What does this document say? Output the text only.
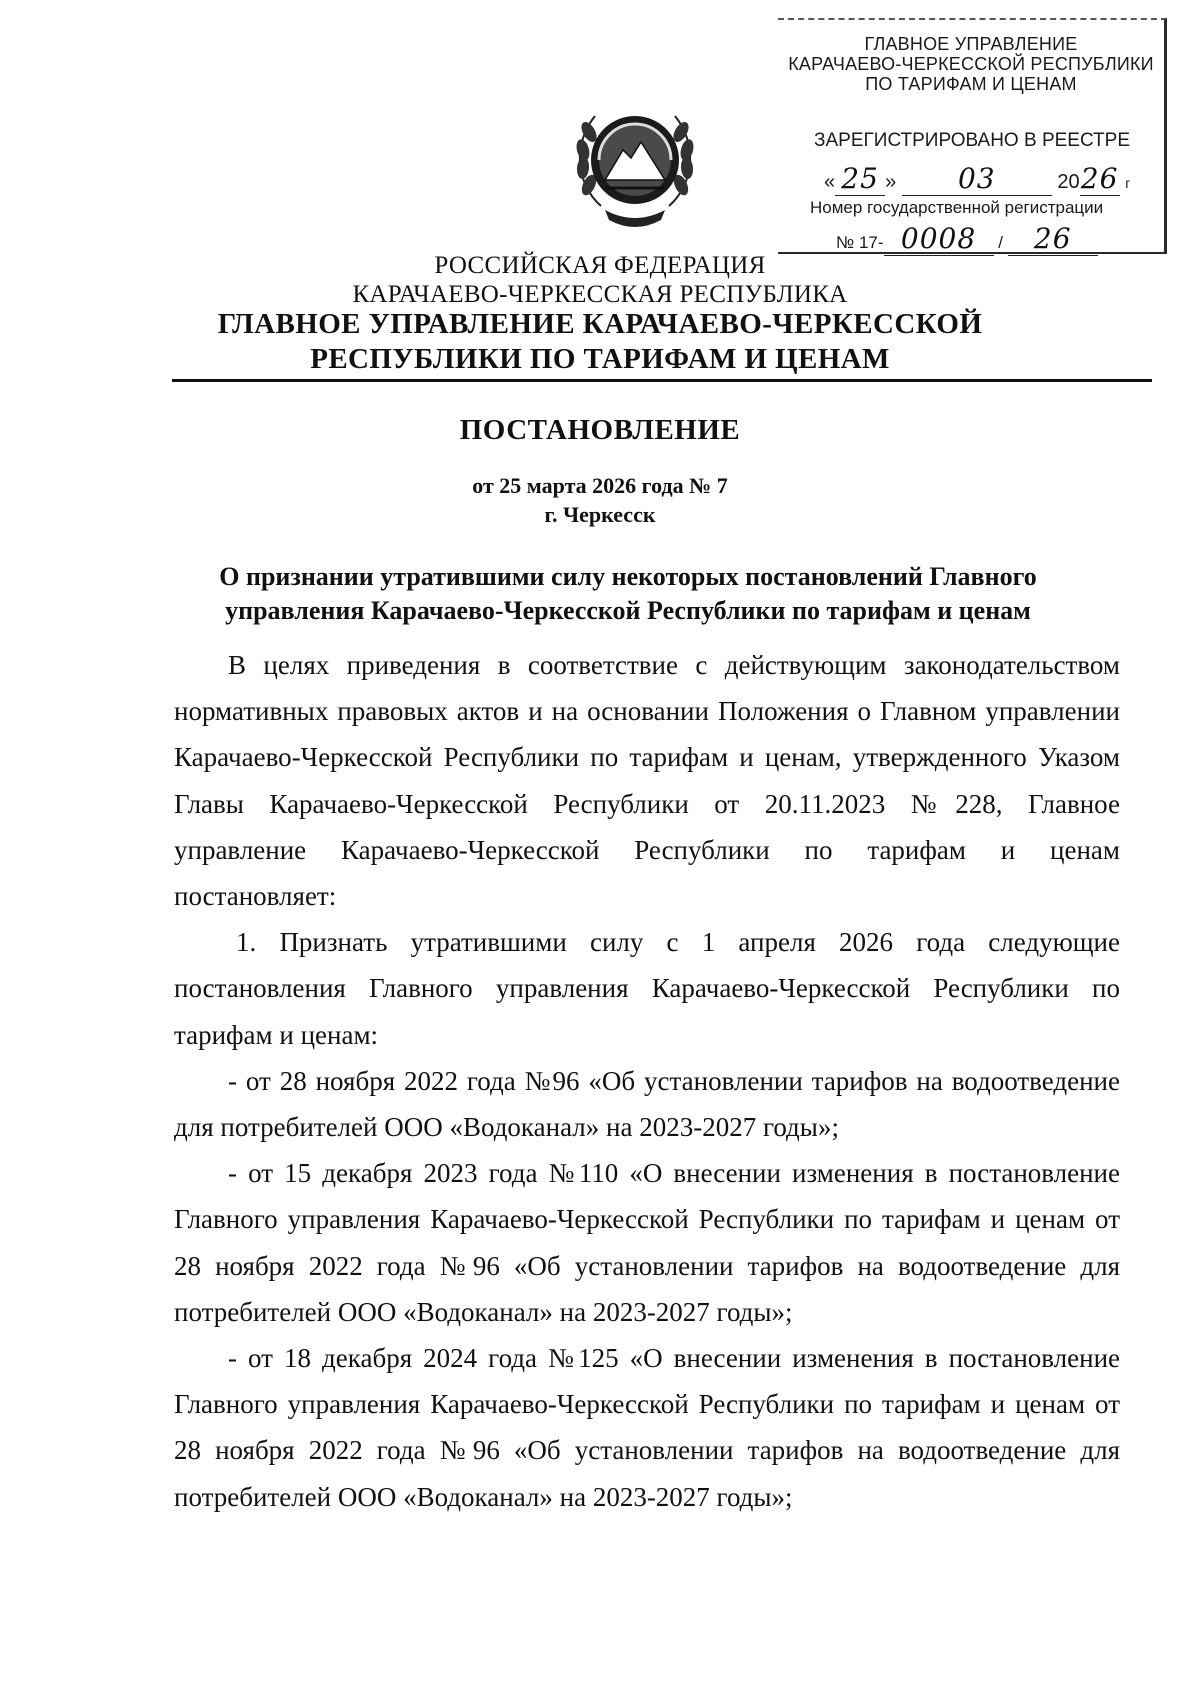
ГЛАВНОЕ УПРАВЛЕНИЕ
КАРАЧАЕВО-ЧЕРКЕССКОЙ РЕСПУБЛИКИ
ПО ТАРИФАМ И ЦЕНАМ
ЗАРЕГИСТРИРОВАНО В РЕЕСТРЕ
« 25 » 03	2026 г
Номер государственной регистрации
№ 17- 0008 / 26
РОССИЙСКАЯ ФЕДЕРАЦИЯ
КАРАЧАЕВО-ЧЕРКЕССКАЯ РЕСПУБЛИКА
ГЛАВНОЕ УПРАВЛЕНИЕ КАРАЧАЕВО-ЧЕРКЕССКОЙ
РЕСПУБЛИКИ ПО ТАРИФАМ И ЦЕНАМ
ПОСТАНОВЛЕНИЕ
от 25 марта 2026 года № 7
г. Черкесск
О признании утратившими силу некоторых постановлений Главного
управления Карачаево-Черкесской Республики по тарифам и ценам

В целях приведения в соответствие с действующим законодательством нормативных правовых актов и на основании Положения о Главном управлении Карачаево-Черкесской Республики по тарифам и ценам, утвержденного Указом Главы Карачаево-Черкесской Республики от 20.11.2023 №228, Главное управление Карачаево-Черкесской Республики по тарифам и ценам постановляет:

1. Признать утратившими силу с 1 апреля 2026 года следующие постановления Главного управления Карачаево-Черкесской Республики по тарифам и ценам:

- от 28 ноября 2022 года №96 «Об установлении тарифов на водоотведение для потребителей ООО «Водоканал» на 2023-2027 годы»;

- от 15 декабря 2023 года №110 «О внесении изменения в постановление Главного управления Карачаево-Черкесской Республики по тарифам и ценам от 28 ноября 2022 года №96 «Об установлении тарифов на водоотведение для потребителей ООО «Водоканал» на 2023-2027 годы»;

- от 18 декабря 2024 года №125 «О внесении изменения в постановление Главного управления Карачаево-Черкесской Республики по тарифам и ценам от 28 ноября 2022 года №96 «Об установлении тарифов на водоотведение для потребителей ООО «Водоканал» на 2023-2027 годы»;
